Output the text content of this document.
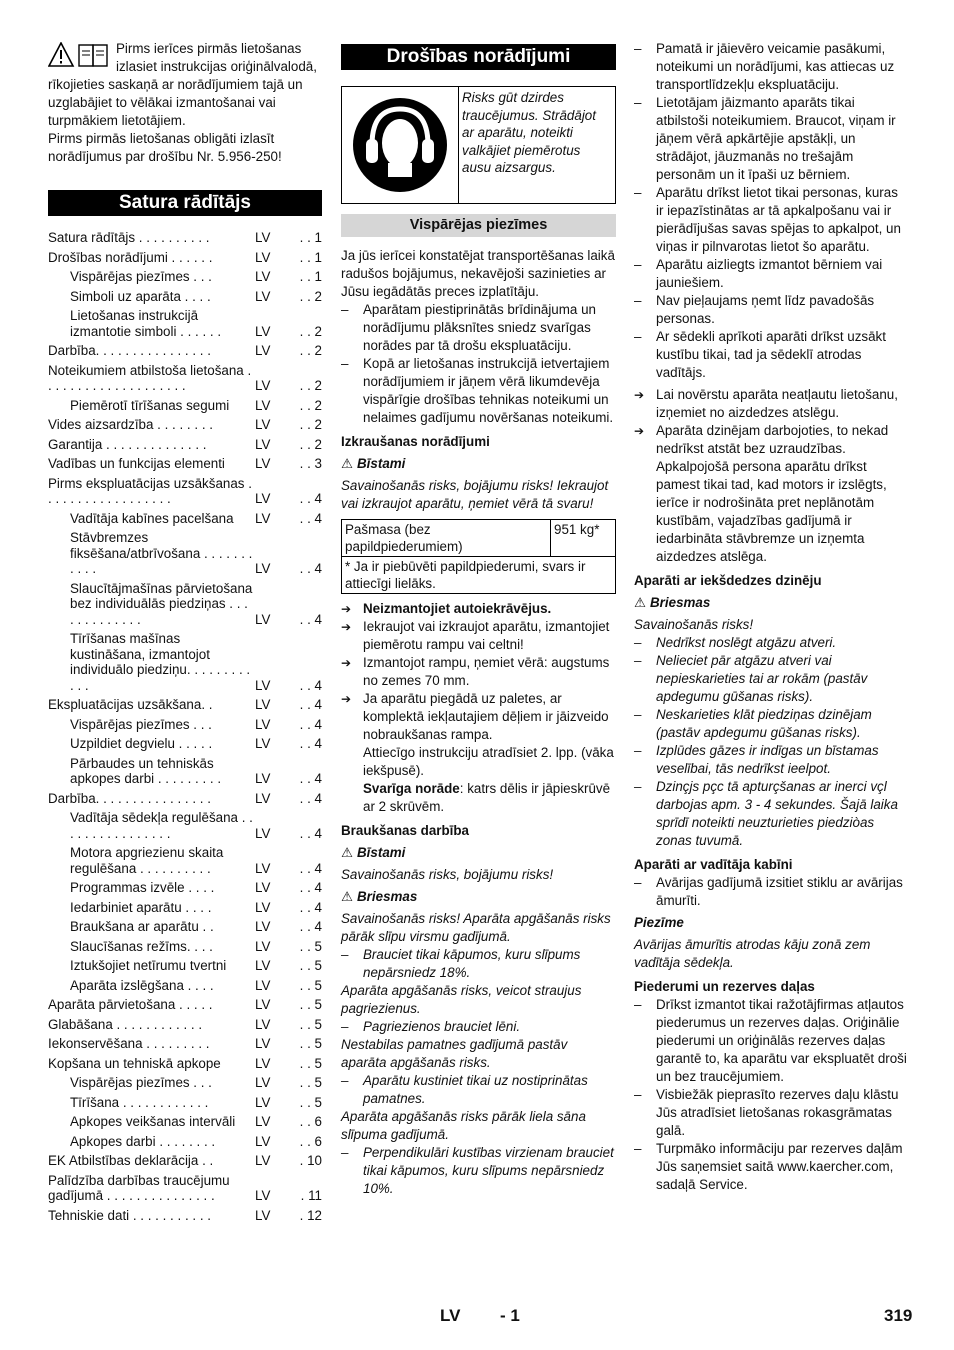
Pirms ierīces pirmās lietošanas izlasiet instrukcijas oriģinālvalodā, rīkojieties saskaņā ar norādījumiem tajā un uzglabājiet to vēlākai izmantošanai vai turpmākiem lietotājiem.

Pirms pirmās lietošanas obligāti izlasīt norādījumus par drošību Nr. 5.956-250!

Satura rādītājs
Satura rādītājs . . . . . . . . . .	LV	. . 1
Drošības norādījumi . . . . . .	LV	. . 1
Vispārējas piezīmes . . .	LV	. . 1
Simboli uz aparāta . . . .	LV	. . 2
Lietošanas instrukcijā izmantotie simboli . . . . . .	LV	. . 2
Darbība. . . . . . . . . . . . . . . .	LV	. . 2
Noteikumiem atbilstoša lietošana . . . . . . . . . . . . . . . . . . . .	LV	. . 2
Piemērotī tīrīšanas segumi	LV	. . 2
Vides aizsardzība . . . . . . . .	LV	. . 2
Garantija . . . . . . . . . . . . . .	LV	. . 2
Vadības un funkcijas elementi	LV	. . 3
Pirms ekspluatācijas uzsākšanas . . . . . . . . . . . . . . . . . .	LV	. . 4
Vadītāja kabīnes pacelšana	LV	. . 4
Stāvbremzes fiksēšana/atbrīvošana . . . . . . . . . . .	LV	. . 4
Slaucītājmašīnas pārvietošana bez individuālās piedziņas . . . . . . . . . . . . .	LV	. . 4
Tīrīšanas mašīnas kustināšana, izmantojot individuālo piedziņu. . . . . . . . . . . .	LV	. . 4
Ekspluatācijas uzsākšana. .	LV	. . 4
Vispārējas piezīmes . . .	LV	. . 4
Uzpildiet degvielu . . . . .	LV	. . 4
Pārbaudes un tehniskās apkopes darbi . . . . . . . . .	LV	. . 4
Darbība. . . . . . . . . . . . . . . .	LV	. . 4
Vadītāja sēdekļa regulēšana . . . . . . . . . . . . . . . .	LV	. . 4
Motora apgriezienu skaita regulēšana . . . . . . . . . .	LV	. . 4
Programmas izvēle . . . .	LV	. . 4
Iedarbiniet aparātu . . . .	LV	. . 4
Braukšana ar aparātu . .	LV	. . 4
Slaucīšanas režīms. . . .	LV	. . 5
Iztukšojiet netīrumu tvertni	LV	. . 5
Aparāta izslēgšana . . . .	LV	. . 5
Aparāta pārvietošana . . . . .	LV	. . 5
Glabāšana . . . . . . . . . . . .	LV	. . 5
Iekonservēšana . . . . . . . . .	LV	. . 5
Kopšana un tehniskā apkope	LV	. . 5
Vispārējas piezīmes . . .	LV	. . 5
Tīrīšana . . . . . . . . . . . .	LV	. . 5
Apkopes veikšanas intervāli	LV	. . 6
Apkopes darbi . . . . . . . .	LV	. . 6
EK Atbilstības deklarācija . .	LV	. 10
Palīdzība darbības traucējumu gadījumā . . . . . . . . . . . . . . .	LV	. 11
Tehniskie dati . . . . . . . . . . .	LV	. 12
Drošības norādījumi
Risks gūt dzirdes traucējumus. Strādājot ar aparātu, noteikti valkājiet piemērotus ausu aizsargus.
Vispārējas piezīmes

Ja jūs ierīcei konstatējat transportēšanas laikā radušos bojājumus, nekavējoši sazinieties ar Jūsu iegādātās preces izplatītāju.

– Aparātam piestiprinātās brīdinājuma un norādījumu plāksnītes sniedz svarīgas norādes par tā drošu ekspluatāciju.
– Kopā ar lietošanas instrukcijā ietvertajiem norādījumiem ir jāņem vērā likumdevēja vispārīgie drošības tehnikas noteikumi un nelaimes gadījumu novēršanas noteikumi.

Izkraušanas norādījumi

⚠ Bīstami

Savainošanās risks, bojājumu risks! Iekraujot vai izkraujot aparātu, ņemiet vērā tā svaru!

Pašmasa (bez papildpiederumiem)	951 kg*
* Ja ir piebūvēti papildpiederumi, svars ir attiecīgi lielāks.
➔ Neizmantojiet autoiekrāvējus.
➔ Iekraujot vai izkraujot aparātu, izmantojiet piemērotu rampu vai celtni!
➔ Izmantojot rampu, ņemiet vērā: augstums no zemes 70 mm.
➔ Ja aparātu piegādā uz paletes, ar komplektā iekļautajiem dēļiem ir jāizveido nobraukšanas rampa.

Attiecīgo instrukciju atradīsiet 2. lpp. (vāka iekšpusē).

Svarīga norāde: katrs dēlis ir jāpieskrūvē ar 2 skrūvēm.

Braukšanas darbība

⚠ Bīstami

Savainošanās risks, bojājumu risks!

⚠ Briesmas

Savainošanās risks! Aparāta apgāšanās risks pārāk slīpu virsmu gadījumā.

– Brauciet tikai kāpumos, kuru slīpums nepārsniedz 18%.

Aparāta apgāšanās risks, veicot straujus pagriezienus.

– Pagriezienos brauciet lēni.

Nestabilas pamatnes gadījumā pastāv aparāta apgāšanās risks.

– Aparātu kustiniet tikai uz nostiprinātas pamatnes.

Aparāta apgāšanās risks pārāk liela sāna slīpuma gadījumā.

– Perpendikulāri kustības virzienam brauciet tikai kāpumos, kuru slīpums nepārsniedz 10%.
– Pamatā ir jāievēro veicamie pasākumi, noteikumi un norādījumi, kas attiecas uz transportlīdzekļu ekspluatāciju.
– Lietotājam jāizmanto aparāts tikai atbilstoši noteikumiem. Braucot, viņam ir jāņem vērā apkārtējie apstākļi, un strādājot, jāuzmanās no trešajām personām un it īpaši uz bērniem.
– Aparātu drīkst lietot tikai personas, kuras ir iepazīstinātas ar tā apkalpošanu vai ir pierādījušas savas spējas to apkalpot, un viņas ir pilnvarotas lietot šo aparātu.
– Aparātu aizliegts izmantot bērniem vai jauniešiem.
– Nav pieļaujams ņemt līdz pavadošās personas.
– Ar sēdekli aprīkoti aparāti drīkst uzsākt kustību tikai, tad ja sēdeklī atrodas vadītājs.
➔ Lai novērstu aparāta neatļautu lietošanu, izņemiet no aizdedzes atslēgu.
➔ Aparāta dzinējam darbojoties, to nekad nedrīkst atstāt bez uzraudzības. Apkalpojošā persona aparātu drīkst pamest tikai tad, kad motors ir izslēgts, ierīce ir nodrošināta pret neplānotām kustībām, vajadzības gadījumā ir iedarbināta stāvbremze un izņemta aizdedzes atslēga.

Aparāti ar iekšdedzes dzinēju

⚠ Briesmas

Savainošanās risks!

– Nedrīkst noslēgt atgāzu atveri.
– Nelieciet pār atgāzu atveri vai nepieskarieties tai ar rokām (pastāv apdegumu gūšanas risks).
– Neskarieties klāt piedziņas dzinējam (pastāv apdegumu gūšanas risks).
– Izplūdes gāzes ir indīgas un bīstamas veselībai, tās nedrīkst ieelpot.
– Dzinçjs pçc tā apturçšanas ar inerci vçl darbojas apm. 3 - 4 sekundes. Šajā laika sprīdī noteikti neuzturieties piedziòas zonas tuvumā.

Aparāti ar vadītāja kabīni

– Avārijas gadījumā izsitiet stiklu ar avārijas āmurīti.

Piezīme

Avārijas āmurītis atrodas kāju zonā zem vadītāja sēdekļa.

Piederumi un rezerves daļas

– Drīkst izmantot tikai ražotājfirmas atļautos piederumus un rezerves daļas. Oriģinālie piederumi un oriģinālās rezerves daļas garantē to, ka aparātu var ekspluatēt droši un bez traucējumiem.
– Visbiežāk pieprasīto rezerves daļu klāstu Jūs atradīsiet lietošanas rokasgrāmatas galā.
– Turpmāko informāciju par rezerves daļām Jūs saņemsiet saitā www.kaercher.com, sadaļā Service.
LV - 1	319
